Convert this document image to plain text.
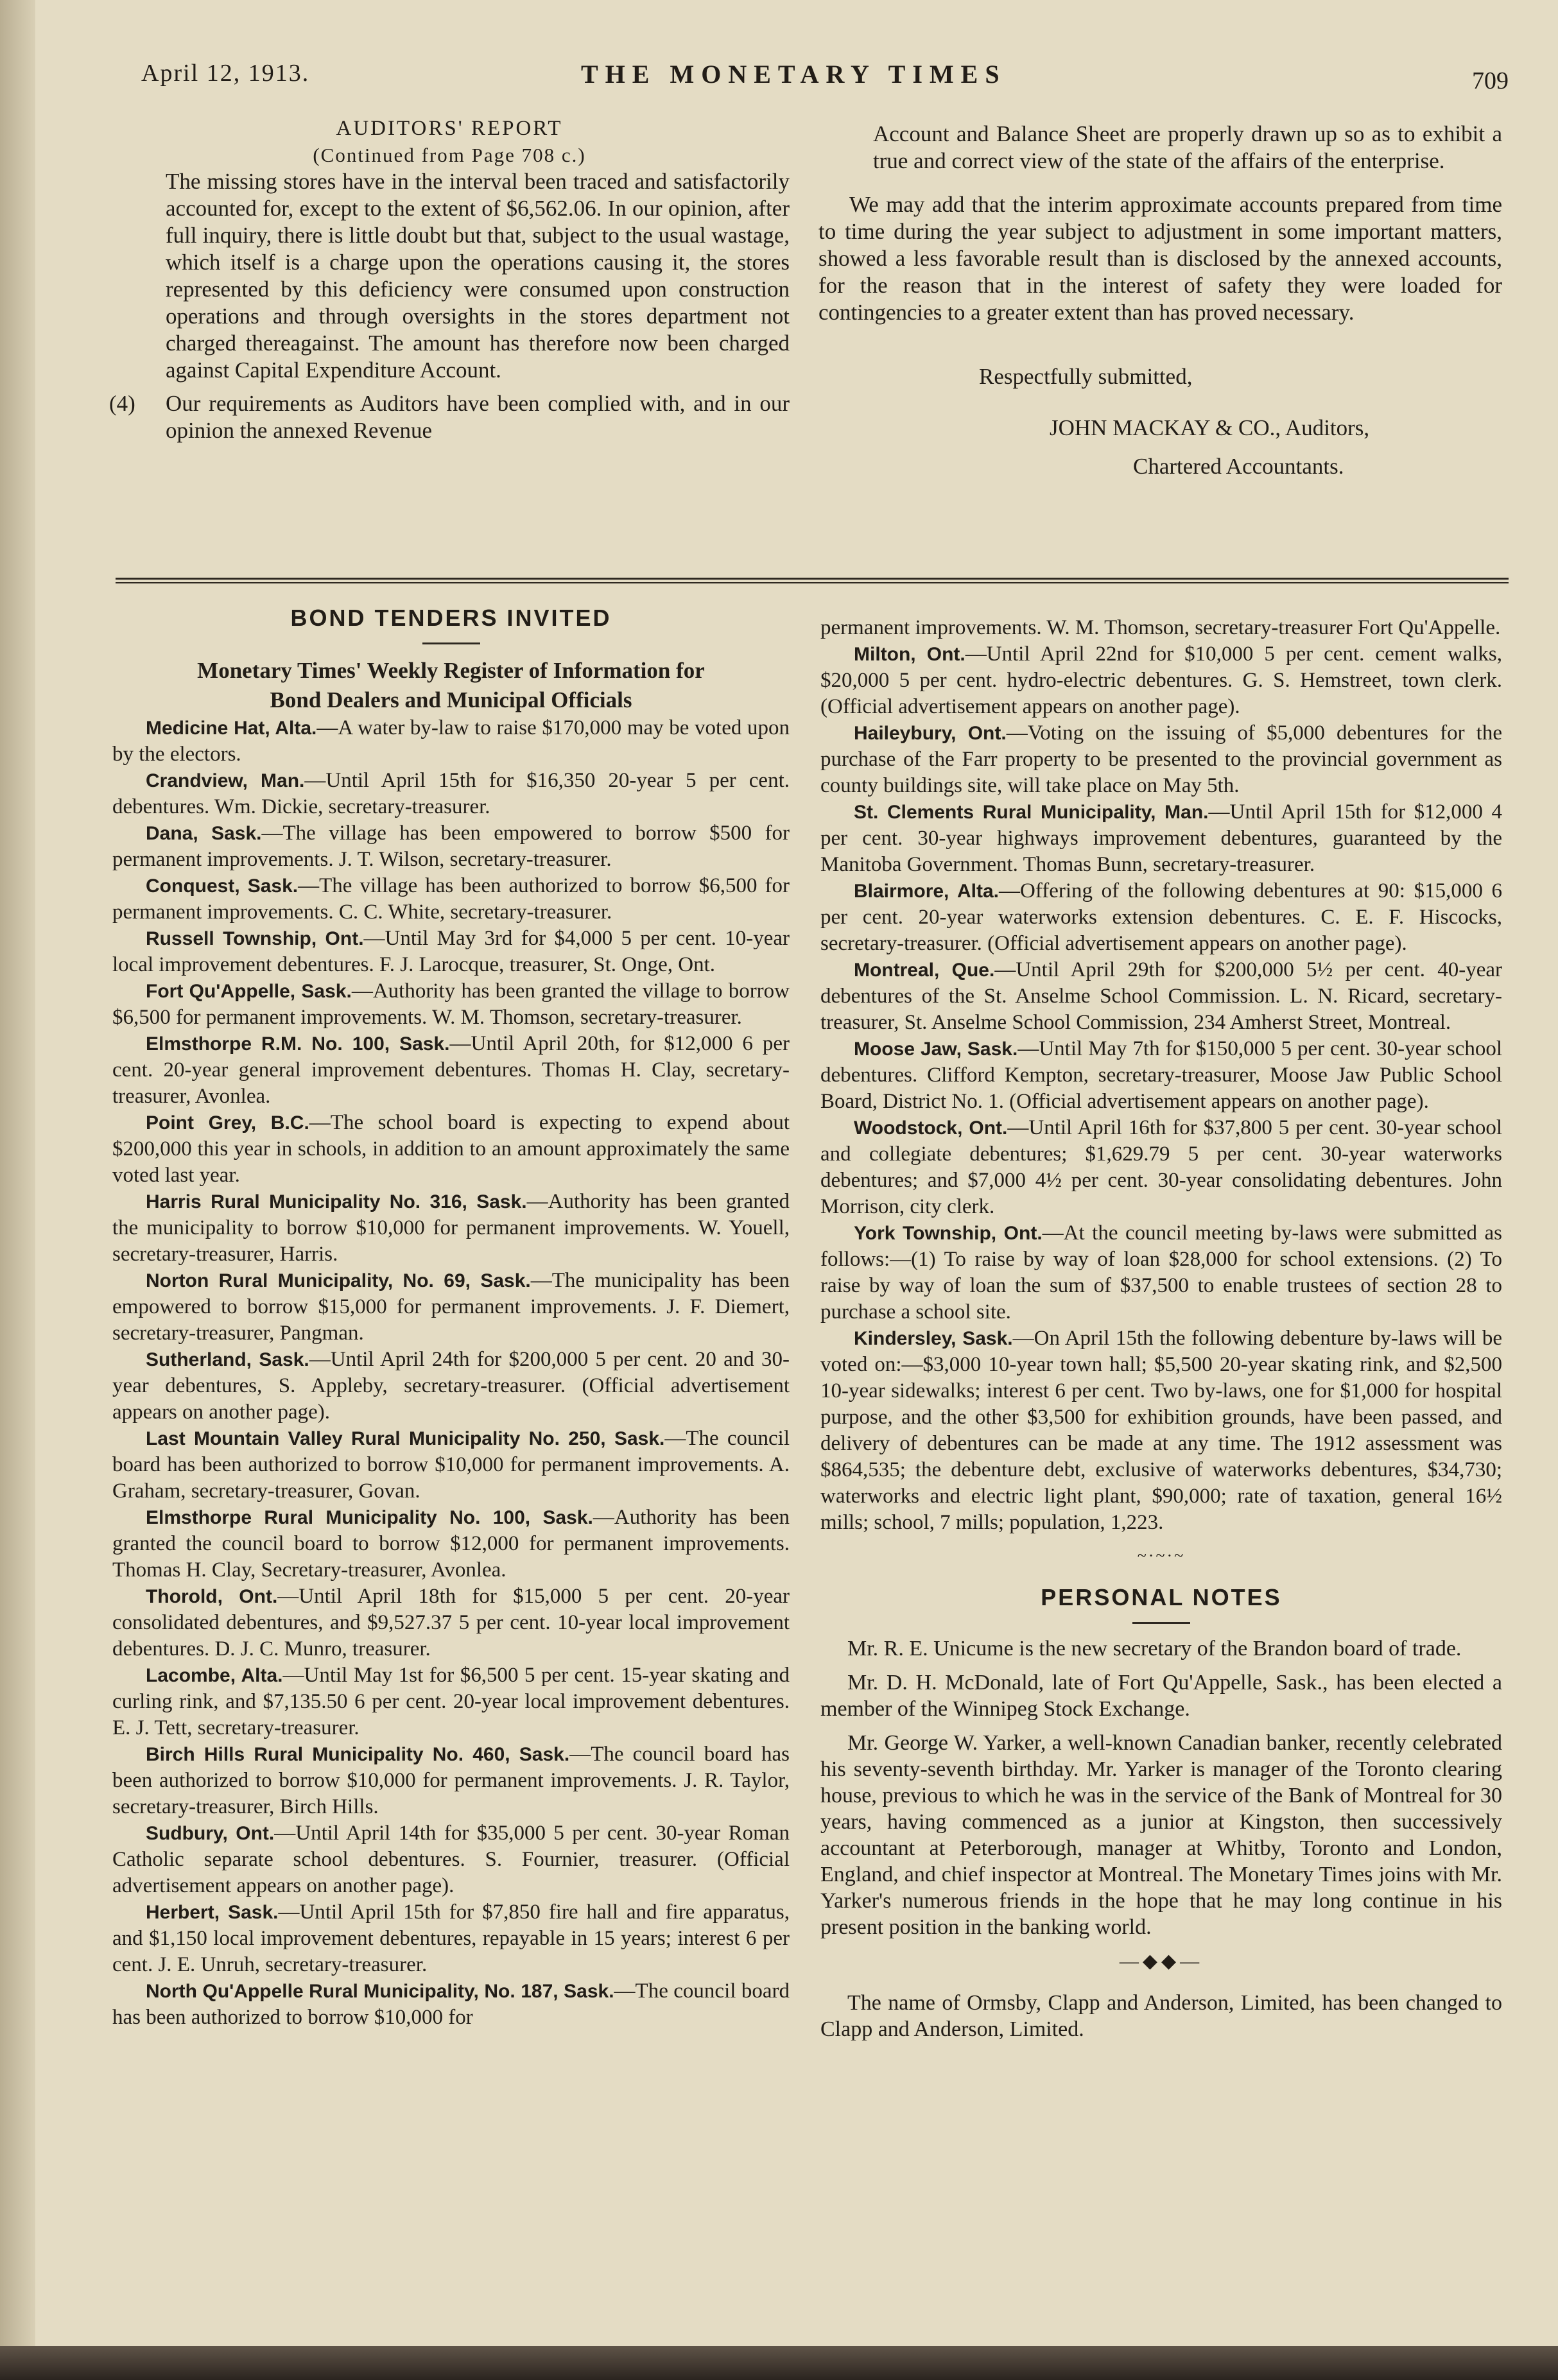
April 12, 1913.	THE MONETARY TIMES	709

AUDITORS' REPORT

(Continued from Page 708 c.)

The missing stores have in the interval been traced and satisfactorily accounted for, except to the extent of $6,562.06. In our opinion, after full inquiry, there is little doubt but that, subject to the usual wastage, which itself is a charge upon the operations causing it, the stores represented by this deficiency were consumed upon construction operations and through oversights in the stores department not charged thereagainst. The amount has therefore now been charged against Capital Expenditure Account.

(4) Our requirements as Auditors have been complied with, and in our opinion the annexed Revenue

Account and Balance Sheet are properly drawn up so as to exhibit a true and correct view of the state of the affairs of the enterprise.

We may add that the interim approximate accounts prepared from time to time during the year subject to adjustment in some important matters, showed a less favorable result than is disclosed by the annexed accounts, for the reason that in the interest of safety they were loaded for contingencies to a greater extent than has proved necessary.

Respectfully submitted,

JOHN MACKAY & CO., Auditors,

Chartered Accountants.

BOND TENDERS INVITED

Monetary Times' Weekly Register of Information for
Bond Dealers and Municipal Officials

Medicine Hat, Alta.—A water by-law to raise $170,000 may be voted upon by the electors.

Crandview, Man.—Until April 15th for $16,350 20-year 5 per cent. debentures. Wm. Dickie, secretary-treasurer.

Dana, Sask.—The village has been empowered to borrow $500 for permanent improvements. J. T. Wilson, secretary-treasurer.

Conquest, Sask.—The village has been authorized to borrow $6,500 for permanent improvements. C. C. White, secretary-treasurer.

Russell Township, Ont.—Until May 3rd for $4,000 5 per cent. 10-year local improvement debentures. F. J. Larocque, treasurer, St. Onge, Ont.

Fort Qu'Appelle, Sask.—Authority has been granted the village to borrow $6,500 for permanent improvements. W. M. Thomson, secretary-treasurer.

Elmsthorpe R.M. No. 100, Sask.—Until April 20th, for $12,000 6 per cent. 20-year general improvement debentures. Thomas H. Clay, secretary-treasurer, Avonlea.

Point Grey, B.C.—The school board is expecting to expend about $200,000 this year in schools, in addition to an amount approximately the same voted last year.

Harris Rural Municipality No. 316, Sask.—Authority has been granted the municipality to borrow $10,000 for permanent improvements. W. Youell, secretary-treasurer, Harris.

Norton Rural Municipality, No. 69, Sask.—The municipality has been empowered to borrow $15,000 for permanent improvements. J. F. Diemert, secretary-treasurer, Pangman.

Sutherland, Sask.—Until April 24th for $200,000 5 per cent. 20 and 30-year debentures, S. Appleby, secretary-treasurer. (Official advertisement appears on another page).

Last Mountain Valley Rural Municipality No. 250, Sask.—The council board has been authorized to borrow $10,000 for permanent improvements. A. Graham, secretary-treasurer, Govan.

Elmsthorpe Rural Municipality No. 100, Sask.—Authority has been granted the council board to borrow $12,000 for permanent improvements. Thomas H. Clay, Secretary-treasurer, Avonlea.

Thorold, Ont.—Until April 18th for $15,000 5 per cent. 20-year consolidated debentures, and $9,527.37 5 per cent. 10-year local improvement debentures. D. J. C. Munro, treasurer.

Lacombe, Alta.—Until May 1st for $6,500 5 per cent. 15-year skating and curling rink, and $7,135.50 6 per cent. 20-year local improvement debentures. E. J. Tett, secretary-treasurer.

Birch Hills Rural Municipality No. 460, Sask.—The council board has been authorized to borrow $10,000 for permanent improvements. J. R. Taylor, secretary-treasurer, Birch Hills.

Sudbury, Ont.—Until April 14th for $35,000 5 per cent. 30-year Roman Catholic separate school debentures. S. Fournier, treasurer. (Official advertisement appears on another page).

Herbert, Sask.—Until April 15th for $7,850 fire hall and fire apparatus, and $1,150 local improvement debentures, repayable in 15 years; interest 6 per cent. J. E. Unruh, secretary-treasurer.

North Qu'Appelle Rural Municipality, No. 187, Sask.—The council board has been authorized to borrow $10,000 for

permanent improvements. W. M. Thomson, secretary-treasurer Fort Qu'Appelle.

Milton, Ont.—Until April 22nd for $10,000 5 per cent. cement walks, $20,000 5 per cent. hydro-electric debentures. G. S. Hemstreet, town clerk. (Official advertisement appears on another page).

Haileybury, Ont.—Voting on the issuing of $5,000 debentures for the purchase of the Farr property to be presented to the provincial government as county buildings site, will take place on May 5th.

St. Clements Rural Municipality, Man.—Until April 15th for $12,000 4 per cent. 30-year highways improvement debentures, guaranteed by the Manitoba Government. Thomas Bunn, secretary-treasurer.

Blairmore, Alta.—Offering of the following debentures at 90: $15,000 6 per cent. 20-year waterworks extension debentures. C. E. F. Hiscocks, secretary-treasurer. (Official advertisement appears on another page).

Montreal, Que.—Until April 29th for $200,000 5½ per cent. 40-year debentures of the St. Anselme School Commission. L. N. Ricard, secretary-treasurer, St. Anselme School Commission, 234 Amherst Street, Montreal.

Moose Jaw, Sask.—Until May 7th for $150,000 5 per cent. 30-year school debentures. Clifford Kempton, secretary-treasurer, Moose Jaw Public School Board, District No. 1. (Official advertisement appears on another page).

Woodstock, Ont.—Until April 16th for $37,800 5 per cent. 30-year school and collegiate debentures; $1,629.79 5 per cent. 30-year waterworks debentures; and $7,000 4½ per cent. 30-year consolidating debentures. John Morrison, city clerk.

York Township, Ont.—At the council meeting by-laws were submitted as follows:—(1) To raise by way of loan $28,000 for school extensions. (2) To raise by way of loan the sum of $37,500 to enable trustees of section 28 to purchase a school site.

Kindersley, Sask.—On April 15th the following debenture by-laws will be voted on:—$3,000 10-year town hall; $5,500 20-year skating rink, and $2,500 10-year sidewalks; interest 6 per cent. Two by-laws, one for $1,000 for hospital purpose, and the other $3,500 for exhibition grounds, have been passed, and delivery of debentures can be made at any time. The 1912 assessment was $864,535; the debenture debt, exclusive of waterworks debentures, $34,730; waterworks and electric light plant, $90,000; rate of taxation, general 16½ mills; school, 7 mills; population, 1,223.

~·~·~

PERSONAL NOTES

Mr. R. E. Unicume is the new secretary of the Brandon board of trade.

Mr. D. H. McDonald, late of Fort Qu'Appelle, Sask., has been elected a member of the Winnipeg Stock Exchange.

Mr. George W. Yarker, a well-known Canadian banker, recently celebrated his seventy-seventh birthday. Mr. Yarker is manager of the Toronto clearing house, previous to which he was in the service of the Bank of Montreal for 30 years, having commenced as a junior at Kingston, then successively accountant at Peterborough, manager at Whitby, Toronto and London, England, and chief inspector at Montreal. The Monetary Times joins with Mr. Yarker's numerous friends in the hope that he may long continue in his present position in the banking world.

—◆◆—

The name of Ormsby, Clapp and Anderson, Limited, has been changed to Clapp and Anderson, Limited.
